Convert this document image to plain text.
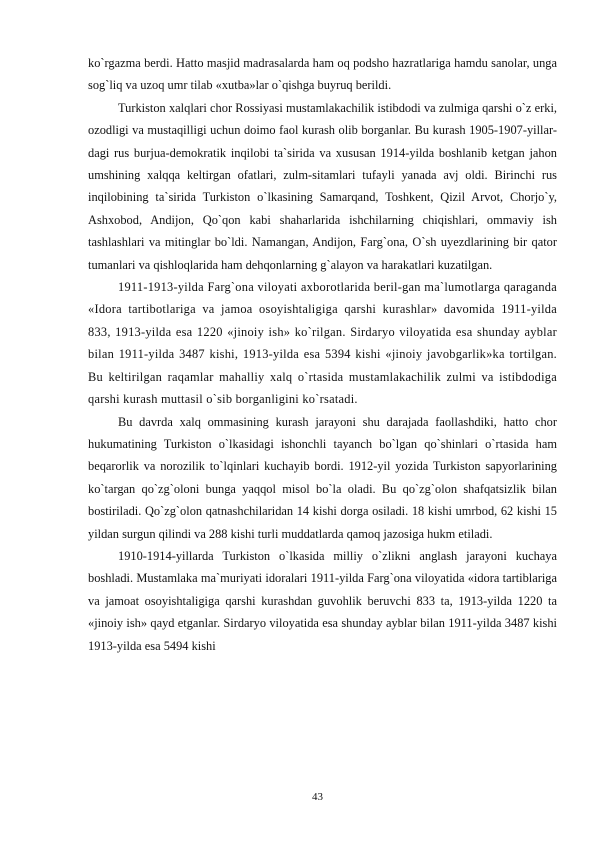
ko`rgazma berdi. Hatto masjid madrasalarda ham oq podsho hazratlariga hamdu sanolar, unga sog`liq va uzoq umr tilab «xutba»lar o`qishga buyruq berildi.

Turkiston xalqlari chor Rossiyasi mustamlakachilik istibdodi va zulmiga qarshi o`z erki, ozodligi va mustaqilligi uchun doimo faol kurash olib borganlar. Bu kurash 1905-1907-yillar-dagi rus burjua-demokratik inqilobi ta`sirida va xususan 1914-yilda boshlanib ketgan jahon umshining xalqqa keltirgan ofatlari, zulm-sitamlari tufayli yanada avj oldi. Birinchi rus inqilobining ta`sirida Turkiston o`lkasining Samarqand, Toshkent, Qizil Arvot, Chorjo`y, Ashxobod, Andijon, Qo`qon kabi shaharlarida ishchilarning chiqishlari, ommaviy ish tashlashlari va mitinglar bo`ldi. Namangan, Andijon, Farg`ona, O`sh uyezdlarining bir qator tumanlari va qishloqlarida ham dehqonlarning g`alayon va harakatlari kuzatilgan.

1911-1913-yilda Farg`ona viloyati axborotlarida beril-gan ma`lumotlarga qaraganda «Idora tartibotlariga va jamoa osoyishtaligiga qarshi kurashlar» davomida 1911-yilda 833, 1913-yilda esa 1220 «jinoiy ish» ko`rilgan. Sirdaryo viloyatida esa shunday ayblar bilan 1911-yilda 3487 kishi, 1913-yilda esa 5394 kishi «jinoiy javobgarlik»ka tortilgan. Bu keltirilgan raqamlar mahalliy xalq o`rtasida mustamlakachilik zulmi va istibdodiga qarshi kurash muttasil o`sib borganligini ko`rsatadi.

Bu davrda xalq ommasining kurash jarayoni shu darajada faollashdiki, hatto chor hukumatining Turkiston o`lkasidagi ishonchli tayanch bo`lgan qo`shinlari o`rtasida ham beqarorlik va norozilik to`lqinlari kuchayib bordi. 1912-yil yozida Turkiston sapyorlarining ko`targan qo`zg`oloni bunga yaqqol misol bo`la oladi. Bu qo`zg`olon shafqatsizlik bilan bostiriladi. Qo`zg`olon qatnashchilaridan 14 kishi dorga osiladi. 18 kishi umrbod, 62 kishi 15 yildan surgun qilindi va 288 kishi turli muddatlarda qamoq jazosiga hukm etiladi.

1910-1914-yillarda Turkiston o`lkasida milliy o`zlikni anglash jarayoni kuchaya boshladi. Mustamlaka ma`muriyati idoralari 1911-yilda Farg`ona viloyatida «idora tartiblariga va jamoat osoyishtaligiga qarshi kurashdan guvohlik beruvchi 833 ta, 1913-yilda 1220 ta «jinoiy ish» qayd etganlar. Sirdaryo viloyatida esa shunday ayblar bilan 1911-yilda 3487 kishi 1913-yilda esa 5494 kishi

43
